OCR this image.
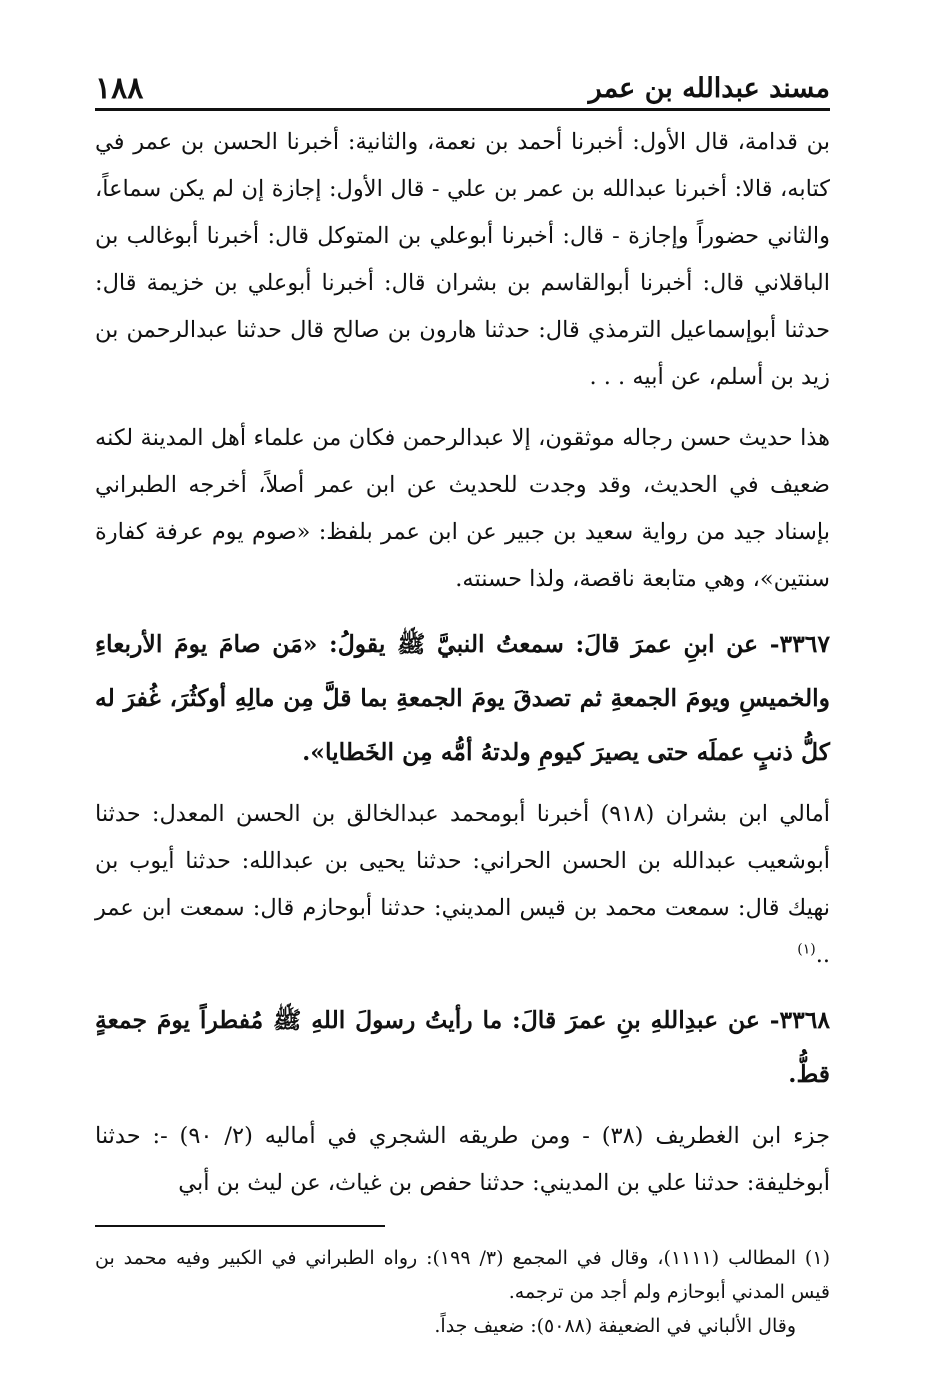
مسند عبدالله بن عمر
١٨٨

بن قدامة، قال الأول: أخبرنا أحمد بن نعمة، والثانية: أخبرنا الحسن بن عمر في كتابه، قالا: أخبرنا عبدالله بن عمر بن علي - قال الأول: إجازة إن لم يكن سماعاً، والثاني حضوراً وإجازة - قال: أخبرنا أبوعلي بن المتوكل قال: أخبرنا أبوغالب بن الباقلاني قال: أخبرنا أبوالقاسم بن بشران قال: أخبرنا أبوعلي بن خزيمة قال: حدثنا أبوإسماعيل الترمذي قال: حدثنا هارون بن صالح قال حدثنا عبدالرحمن بن زيد بن أسلم، عن أبيه . . .

هذا حديث حسن رجاله موثقون، إلا عبدالرحمن فكان من علماء أهل المدينة لكنه ضعيف في الحديث، وقد وجدت للحديث عن ابن عمر أصلاً، أخرجه الطبراني بإسناد جيد من رواية سعيد بن جبير عن ابن عمر بلفظ: «صوم يوم عرفة كفارة سنتين»، وهي متابعة ناقصة، ولذا حسنته.

٣٣٦٧- عن ابنِ عمرَ قالَ: سمعتُ النبيَّ ﷺ يقولُ: «مَن صامَ يومَ الأربعاءِ والخميسِ ويومَ الجمعةِ ثم تصدقَ يومَ الجمعةِ بما قلَّ مِن مالِهِ أوكثُرَ، غُفرَ له كلُّ ذنبٍ عملَه حتى يصيرَ كيومِ ولدتهُ أمُّه مِن الخَطايا».

أمالي ابن بشران (٩١٨) أخبرنا أبومحمد عبدالخالق بن الحسن المعدل: حدثنا أبوشعيب عبدالله بن الحسن الحراني: حدثنا يحيى بن عبدالله: حدثنا أيوب بن نهيك قال: سمعت محمد بن قيس المديني: حدثنا أبوحازم قال: سمعت ابن عمر ..$^{(١)}$

٣٣٦٨- عن عبدِاللهِ بنِ عمرَ قالَ: ما رأيتُ رسولَ اللهِ ﷺ مُفطراً يومَ جمعةٍ قطُّ.

جزء ابن الغطريف (٣٨) - ومن طريقه الشجري في أماليه (٢/ ٩٠) -: حدثنا أبوخليفة: حدثنا علي بن المديني: حدثنا حفص بن غياث، عن ليث بن أبي

(١) المطالب (١١١١)، وقال في المجمع (٣/ ١٩٩): رواه الطبراني في الكبير وفيه محمد بن قيس المدني أبوحازم ولم أجد من ترجمه.

وقال الألباني في الضعيفة (٥٠٨٨): ضعيف جداً.
